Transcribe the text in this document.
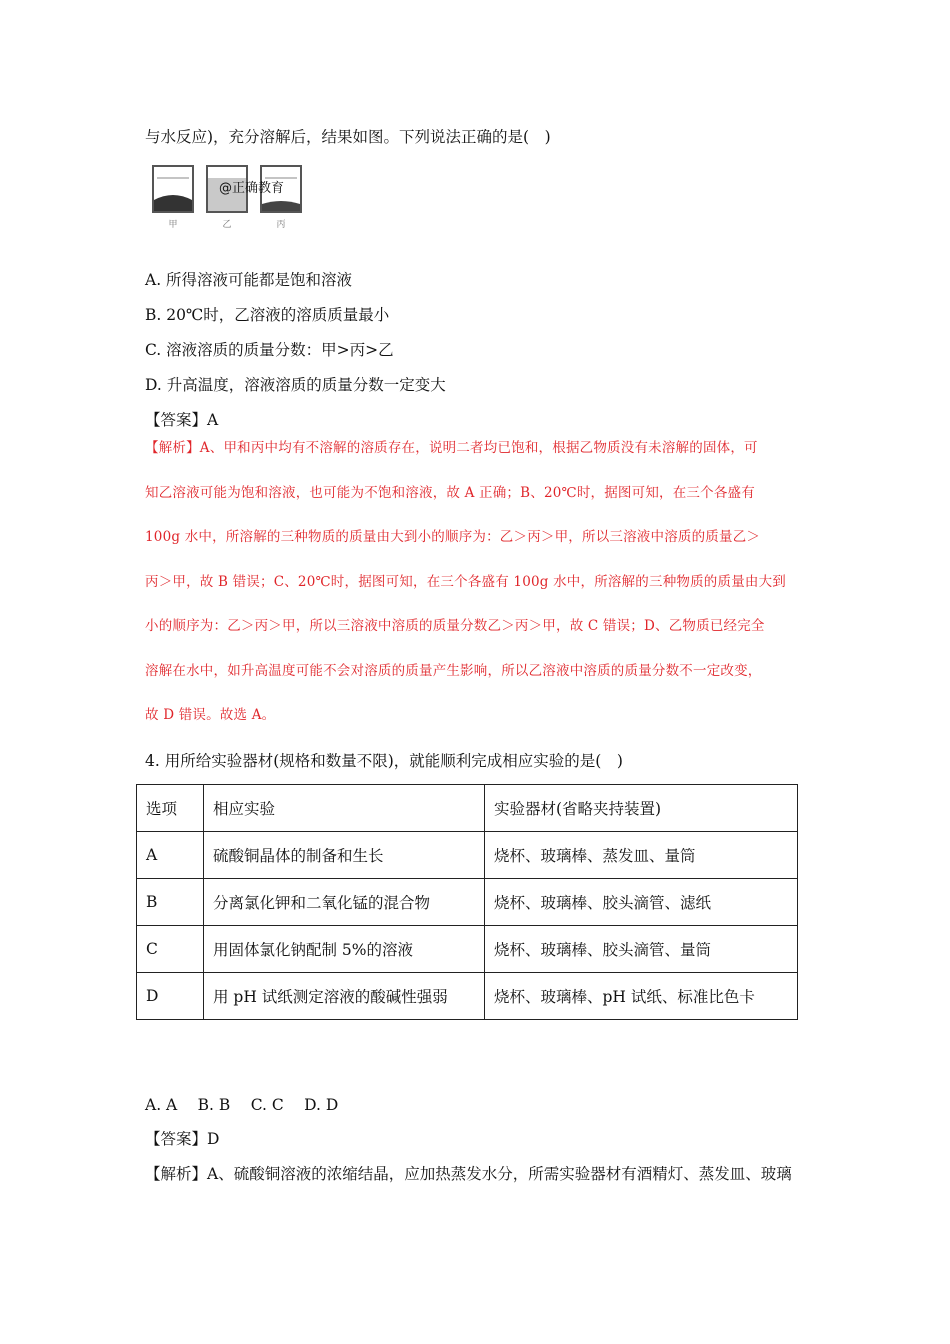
与水反应)，充分溶解后，结果如图。下列说法正确的是(　)
@正确教育
甲	乙	丙
A. 所得溶液可能都是饱和溶液
B. 20℃时，乙溶液的溶质质量最小
C. 溶液溶质的质量分数：甲>丙>乙
D. 升高温度，溶液溶质的质量分数一定变大
【答案】A
【解析】A、甲和丙中均有不溶解的溶质存在，说明二者均已饱和，根据乙物质没有未溶解的固体，可
知乙溶液可能为饱和溶液，也可能为不饱和溶液，故 A 正确；B、20℃时，据图可知，在三个各盛有
100g 水中，所溶解的三种物质的质量由大到小的顺序为：乙＞丙＞甲，所以三溶液中溶质的质量乙＞
丙＞甲，故 B 错误；C、20℃时，据图可知，在三个各盛有 100g 水中，所溶解的三种物质的质量由大到
小的顺序为：乙＞丙＞甲，所以三溶液中溶质的质量分数乙＞丙＞甲，故 C 错误；D、乙物质已经完全
溶解在水中，如升高温度可能不会对溶质的质量产生影响，所以乙溶液中溶质的质量分数不一定改变，
故 D 错误。故选 A。
4. 用所给实验器材(规格和数量不限)，就能顺利完成相应实验的是(　)
选项	相应实验	实验器材(省略夹持装置)
A	硫酸铜晶体的制备和生长	烧杯、玻璃棒、蒸发皿、量筒
B	分离氯化钾和二氧化锰的混合物	烧杯、玻璃棒、胶头滴管、滤纸
C	用固体氯化钠配制 5%的溶液	烧杯、玻璃棒、胶头滴管、量筒
D	用 pH 试纸测定溶液的酸碱性强弱	烧杯、玻璃棒、pH 试纸、标准比色卡
A. A　 B. B　 C. C　 D. D
【答案】D
【解析】A、硫酸铜溶液的浓缩结晶，应加热蒸发水分，所需实验器材有酒精灯、蒸发皿、玻璃
